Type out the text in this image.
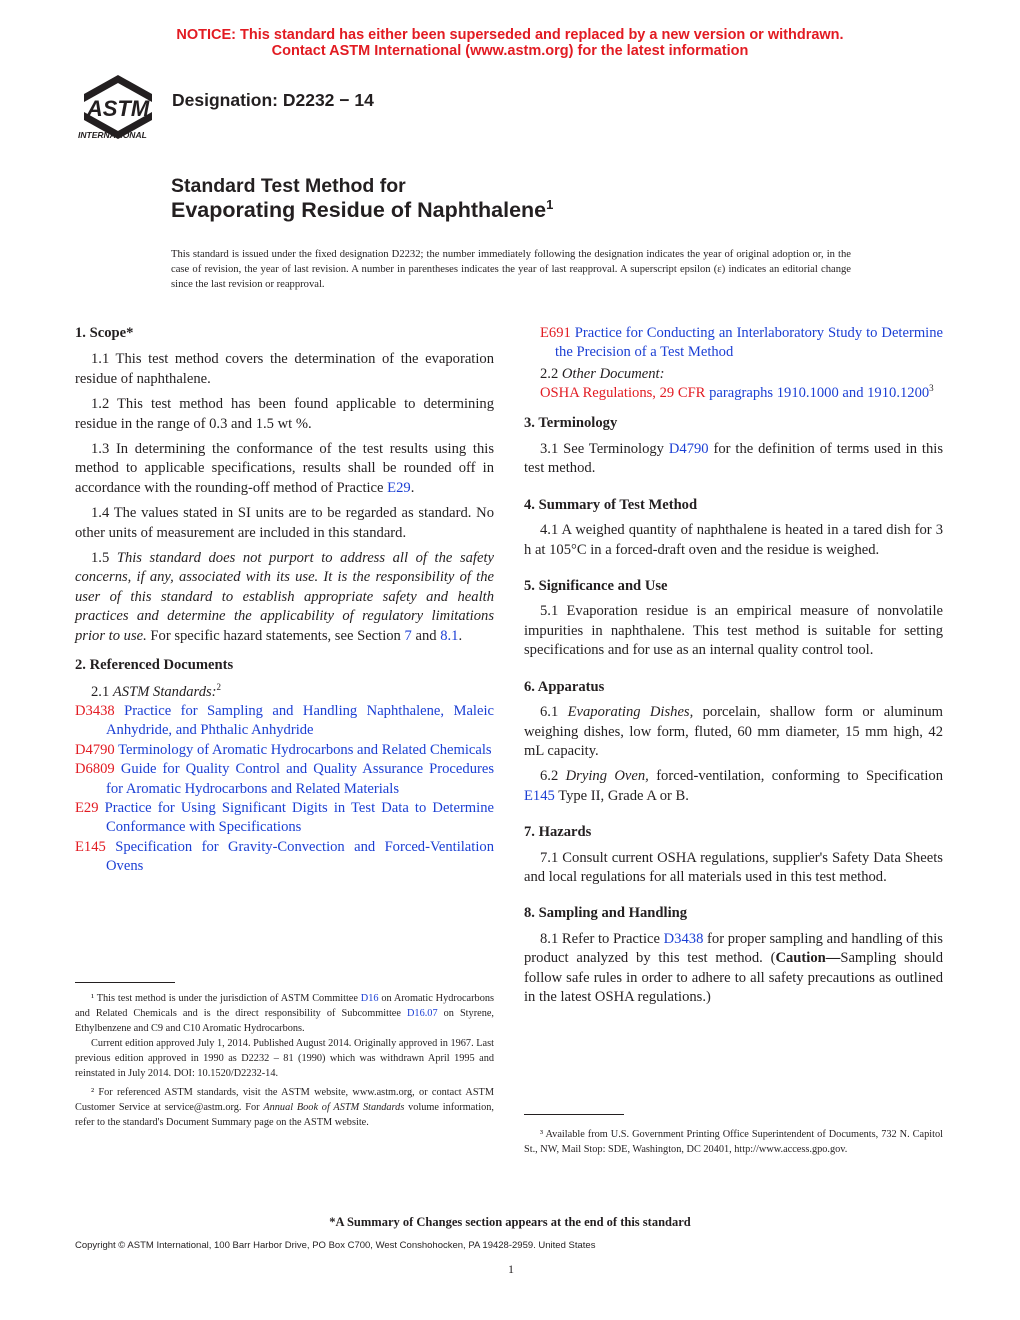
NOTICE: This standard has either been superseded and replaced by a new version or withdrawn.
Contact ASTM International (www.astm.org) for the latest information
ASTM
INTERNATIONAL
Designation: D2232 − 14
Standard Test Method for
Evaporating Residue of Naphthalene$^1$
This standard is issued under the fixed designation D2232; the number immediately following the designation indicates the year of original adoption or, in the case of revision, the year of last revision. A number in parentheses indicates the year of last reapproval. A superscript epsilon (ε) indicates an editorial change since the last revision or reapproval.

1. Scope*

1.1 This test method covers the determination of the evaporation residue of naphthalene.

1.2 This test method has been found applicable to determining residue in the range of 0.3 and 1.5 wt %.

1.3 In determining the conformance of the test results using this method to applicable specifications, results shall be rounded off in accordance with the rounding-off method of Practice E29.

1.4 The values stated in SI units are to be regarded as standard. No other units of measurement are included in this standard.

1.5 This standard does not purport to address all of the safety concerns, if any, associated with its use. It is the responsibility of the user of this standard to establish appropriate safety and health practices and determine the applicability of regulatory limitations prior to use. For specific hazard statements, see Section 7 and 8.1.

2. Referenced Documents

2.1 ASTM Standards:$^2$

D3438 Practice for Sampling and Handling Naphthalene, Maleic Anhydride, and Phthalic Anhydride

D4790 Terminology of Aromatic Hydrocarbons and Related Chemicals

D6809 Guide for Quality Control and Quality Assurance Procedures for Aromatic Hydrocarbons and Related Materials

E29 Practice for Using Significant Digits in Test Data to Determine Conformance with Specifications

E145 Specification for Gravity-Convection and Forced-Ventilation Ovens

¹ This test method is under the jurisdiction of ASTM Committee D16 on Aromatic Hydrocarbons and Related Chemicals and is the direct responsibility of Subcommittee D16.07 on Styrene, Ethylbenzene and C9 and C10 Aromatic Hydrocarbons.

Current edition approved July 1, 2014. Published August 2014. Originally approved in 1967. Last previous edition approved in 1990 as D2232 – 81 (1990) which was withdrawn April 1995 and reinstated in July 2014. DOI: 10.1520/D2232-14.

² For referenced ASTM standards, visit the ASTM website, www.astm.org, or contact ASTM Customer Service at service@astm.org. For Annual Book of ASTM Standards volume information, refer to the standard's Document Summary page on the ASTM website.

E691 Practice for Conducting an Interlaboratory Study to Determine the Precision of a Test Method

2.2 Other Document:

OSHA Regulations, 29 CFR paragraphs 1910.1000 and 1910.1200$^3$

3. Terminology

3.1 See Terminology D4790 for the definition of terms used in this test method.

4. Summary of Test Method

4.1 A weighed quantity of naphthalene is heated in a tared dish for 3 h at 105°C in a forced-draft oven and the residue is weighed.

5. Significance and Use

5.1 Evaporation residue is an empirical measure of nonvolatile impurities in naphthalene. This test method is suitable for setting specifications and for use as an internal quality control tool.

6. Apparatus

6.1 Evaporating Dishes, porcelain, shallow form or aluminum weighing dishes, low form, fluted, 60 mm diameter, 15 mm high, 42 mL capacity.

6.2 Drying Oven, forced-ventilation, conforming to Specification E145 Type II, Grade A or B.

7. Hazards

7.1 Consult current OSHA regulations, supplier's Safety Data Sheets and local regulations for all materials used in this test method.

8. Sampling and Handling

8.1 Refer to Practice D3438 for proper sampling and handling of this product analyzed by this test method. (Caution—Sampling should follow safe rules in order to adhere to all safety precautions as outlined in the latest OSHA regulations.)

³ Available from U.S. Government Printing Office Superintendent of Documents, 732 N. Capitol St., NW, Mail Stop: SDE, Washington, DC 20401, http://www.access.gpo.gov.

*A Summary of Changes section appears at the end of this standard
Copyright © ASTM International, 100 Barr Harbor Drive, PO Box C700, West Conshohocken, PA 19428-2959. United States
1
